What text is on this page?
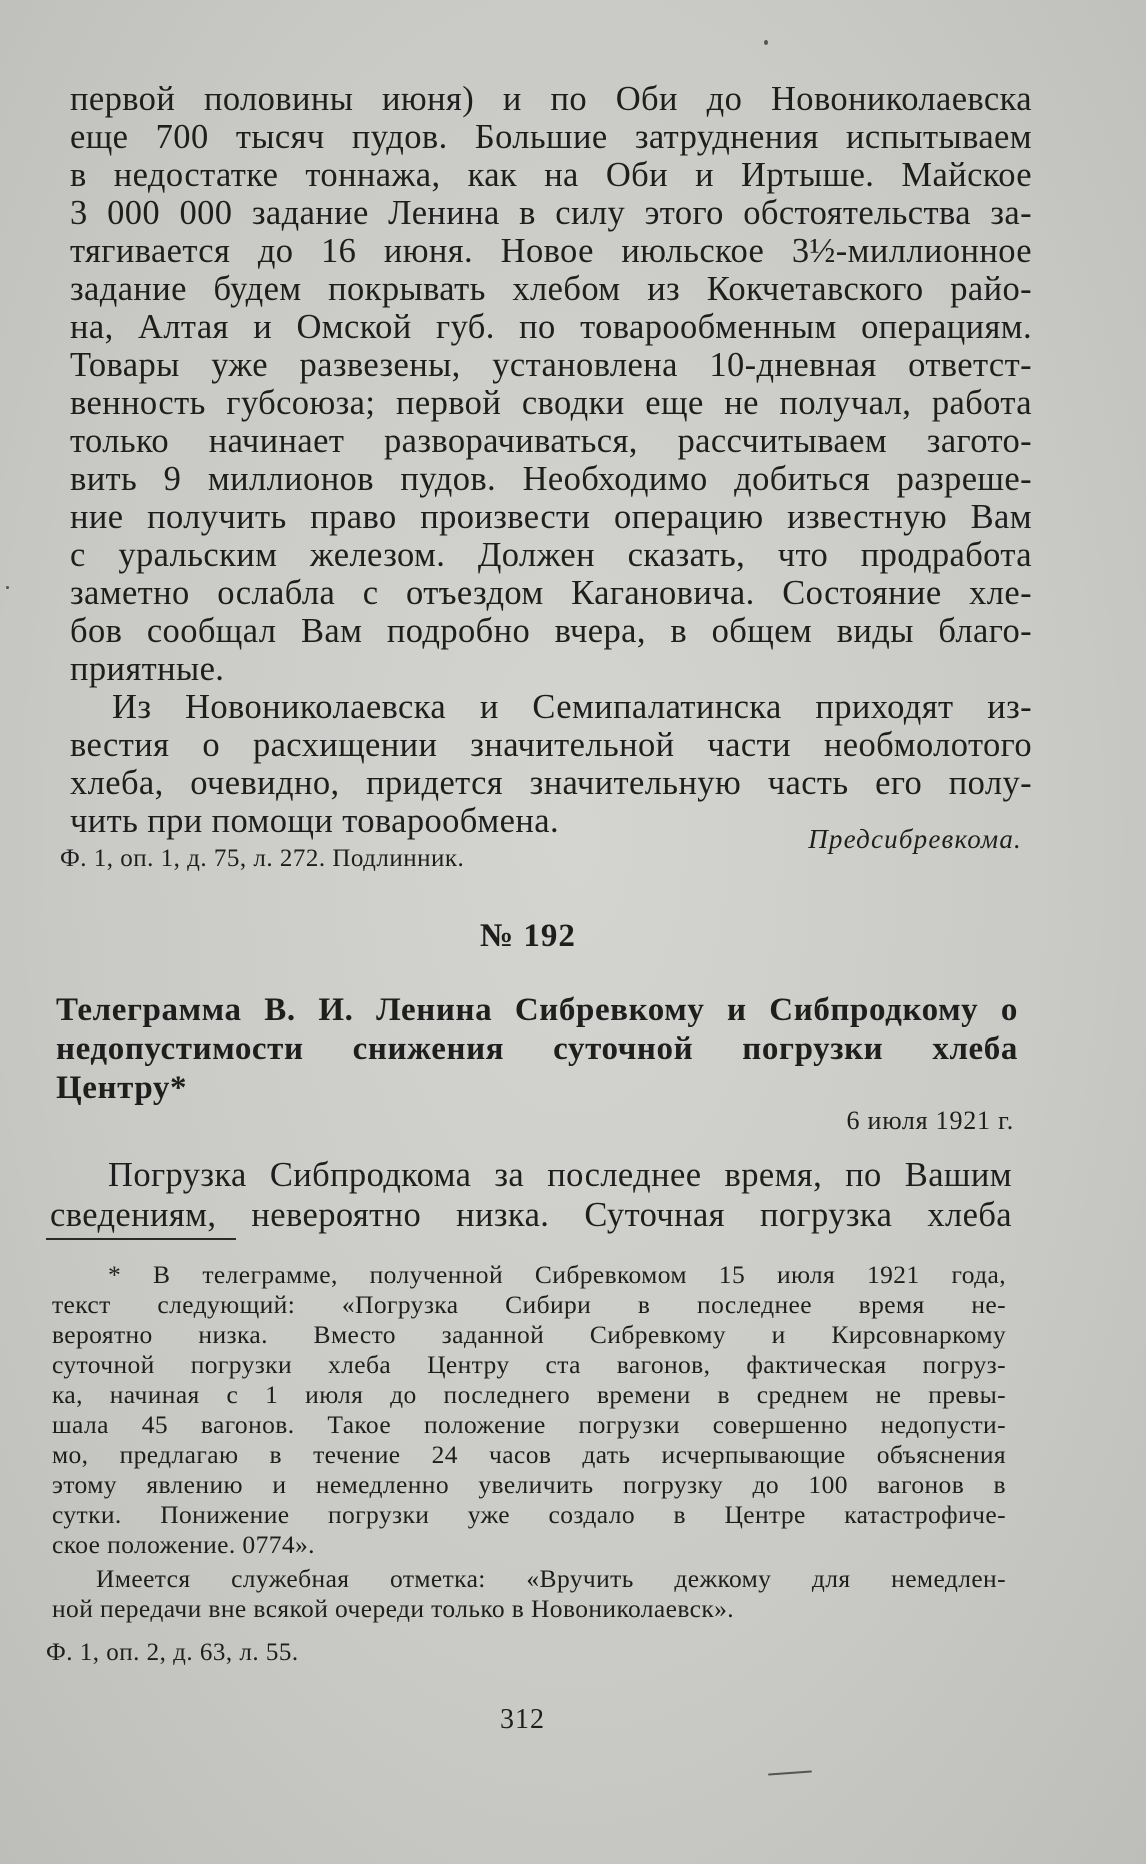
первой половины июня) и по Оби до Новониколаевска
еще 700 тысяч пудов. Большие затруднения испытываем
в недостатке тоннажа, как на Оби и Иртыше. Майское
3 000 000 задание Ленина в силу этого обстоятельства за-
тягивается до 16 июня. Новое июльское 3½-миллионное
задание будем покрывать хлебом из Кокчетавского райо-
на, Алтая и Омской губ. по товарообменным операциям.
Товары уже развезены, установлена 10-дневная ответст-
венность губсоюза; первой сводки еще не получал, работа
только начинает разворачиваться, рассчитываем загото-
вить 9 миллионов пудов. Необходимо добиться разреше-
ние получить право произвести операцию известную Вам
с уральским железом. Должен сказать, что продработа
заметно ослабла с отъездом Кагановича. Состояние хле-
бов сообщал Вам подробно вчера, в общем виды благо-
приятные.
Из Новониколаевска и Семипалатинска приходят из-
вестия о расхищении значительной части необмолотого
хлеба, очевидно, придется значительную часть его полу-
чить при помощи товарообмена.	Предсибревкома.
Ф. 1, оп. 1, д. 75, л. 272. Подлинник.
№ 192
Телеграмма В. И. Ленина Сибревкому и Сибпродкому о
недопустимости снижения суточной погрузки хлеба
Центру*
6 июля 1921 г.
Погрузка Сибпродкома за последнее время, по Вашим
сведениям, невероятно низка. Суточная погрузка хлеба
* В телеграмме, полученной Сибревкомом 15 июля 1921 года,
текст следующий: «Погрузка Сибири в последнее время не-
вероятно низка. Вместо заданной Сибревкому и Кирсовнаркому
суточной погрузки хлеба Центру ста вагонов, фактическая погруз-
ка, начиная с 1 июля до последнего времени в среднем не превы-
шала 45 вагонов. Такое положение погрузки совершенно недопусти-
мо, предлагаю в течение 24 часов дать исчерпывающие объяснения
этому явлению и немедленно увеличить погрузку до 100 вагонов в
сутки. Понижение погрузки уже создало в Центре катастрофиче-
ское положение. 0774».
Имеется служебная отметка: «Вручить дежкому для немедлен-
ной передачи вне всякой очереди только в Новониколаевск».
Ф. 1, оп. 2, д. 63, л. 55.
312
